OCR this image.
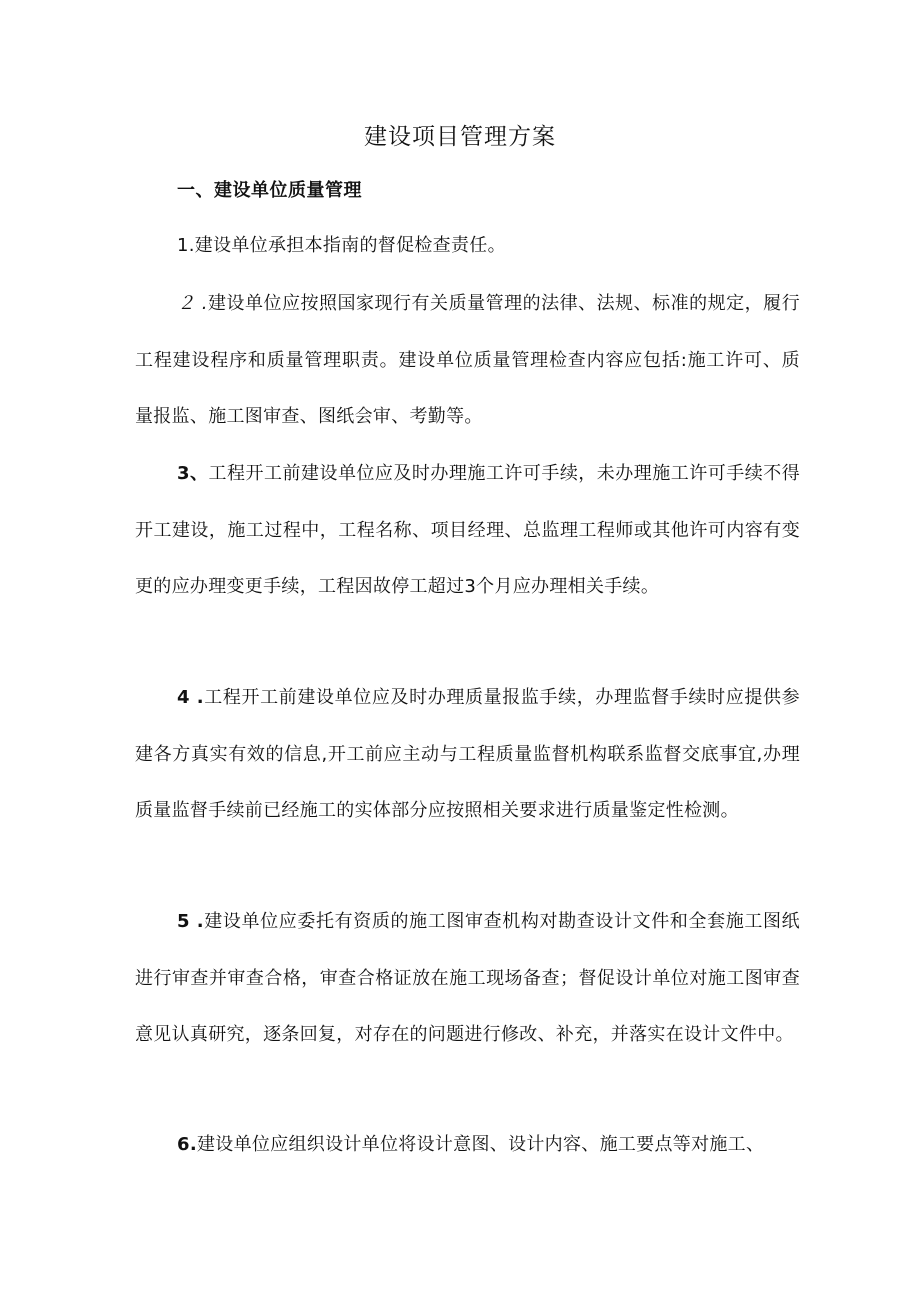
建设项目管理方案
一、建设单位质量管理

1.建设单位承担本指南的督促检查责任。

２ .建设单位应按照国家现行有关质量管理的法律、法规、标准的规定，履行工程建设程序和质量管理职责。建设单位质量管理检查内容应包括:施工许可、质量报监、施工图审查、图纸会审、考勤等。

3、工程开工前建设单位应及时办理施工许可手续，未办理施工许可手续不得开工建设，施工过程中，工程名称、项目经理、总监理工程师或其他许可内容有变更的应办理变更手续，工程因故停工超过3个月应办理相关手续。

4 .工程开工前建设单位应及时办理质量报监手续，办理监督手续时应提供参建各方真实有效的信息,开工前应主动与工程质量监督机构联系监督交底事宜,办理质量监督手续前已经施工的实体部分应按照相关要求进行质量鉴定性检测。

5 .建设单位应委托有资质的施工图审查机构对勘查设计文件和全套施工图纸进行审查并审查合格，审查合格证放在施工现场备查；督促设计单位对施工图审查意见认真研究，逐条回复，对存在的问题进行修改、补充，并落实在设计文件中。

6.建设单位应组织设计单位将设计意图、设计内容、施工要点等对施工、
